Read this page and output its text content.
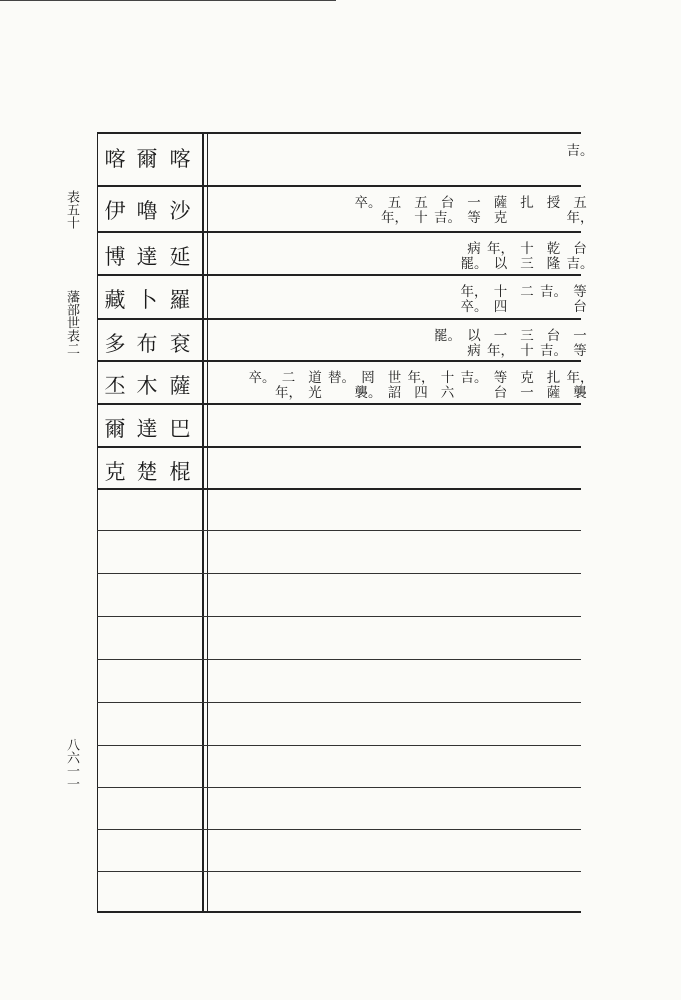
表五十
藩部世表二
八六一一
喀
爾
喀
沙
嚕
伊
延
達
博
羅
卜
藏
袞
布
多
薩
木
丕
巴
達
爾
棍
楚
克
吉。
五
年，
授
扎
薩
克
一
等
台
吉。
五
十
五
年，
卒。
台
吉。
乾
隆
十
三
年，
以
病
罷。
等
台
吉。
二
十
四
年，
卒。
一
等
台
吉。
三
十
一
年，
以
病
罷。
年，
襲
扎
薩
克
一
等
台
吉。
十
六
年，
四
世
詔
罔
襲。
替。
道
光
二
年，
卒。
